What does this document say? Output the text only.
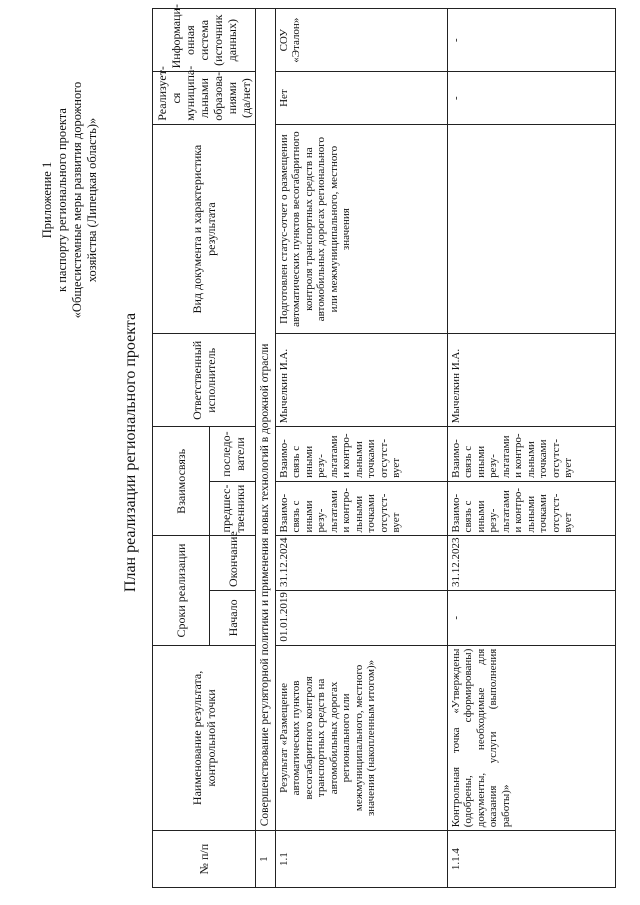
Приложение 1 к паспорту регионального проекта «Общесистемные меры развития дорожного хозяйства (Липецкая область)»
План реализации регионального проекта
№ п/п	Наименование результата, контрольной точки	Сроки реализации		Взаимосвязь		Ответственный исполнитель	Вид документа и характеристика результата	Реализует-ся муниципа-льными образова-ниями (да/нет)	Информаци-онная система (источник данных)
		Начало	Окончание	предшес-твенники	последо-ватели				
1	Совершенствование регуляторной политики и применения новых технологий в дорожной отрасли								
1.1	Результат «Размещение автоматических пунктов весогабаритного контроля транспортных средств на автомобильных дорогах регионального или межмуниципального, местного значения (накопленным итогом)»	01.01.2019	31.12.2024	Взаимо-связь с иными резу-льтатами и контро-льными точками отсутст-вует	Взаимо-связь с иными резу-льтатами и контро-льными точками отсутст-вует	Мычелкин И.А.	Подготовлен статус-отчет о размещении автоматических пунктов весогабаритного контроля транспортных средств на автомобильных дорогах регионального или межмуниципального, местного значения	Нет	СОУ «Эталон»
1.1.4	Контрольная точка «Утверждены (одобрены, сформированы) документы, необходимые для оказания услуги (выполнения работы)»	-	31.12.2023	Взаимо-связь с иными резу-льтатами и контро-льными точками отсутст-вует	Взаимо-связь с иными резу-льтатами и контро-льными точками отсутст-вует	Мычелкин И.А.		-	-
